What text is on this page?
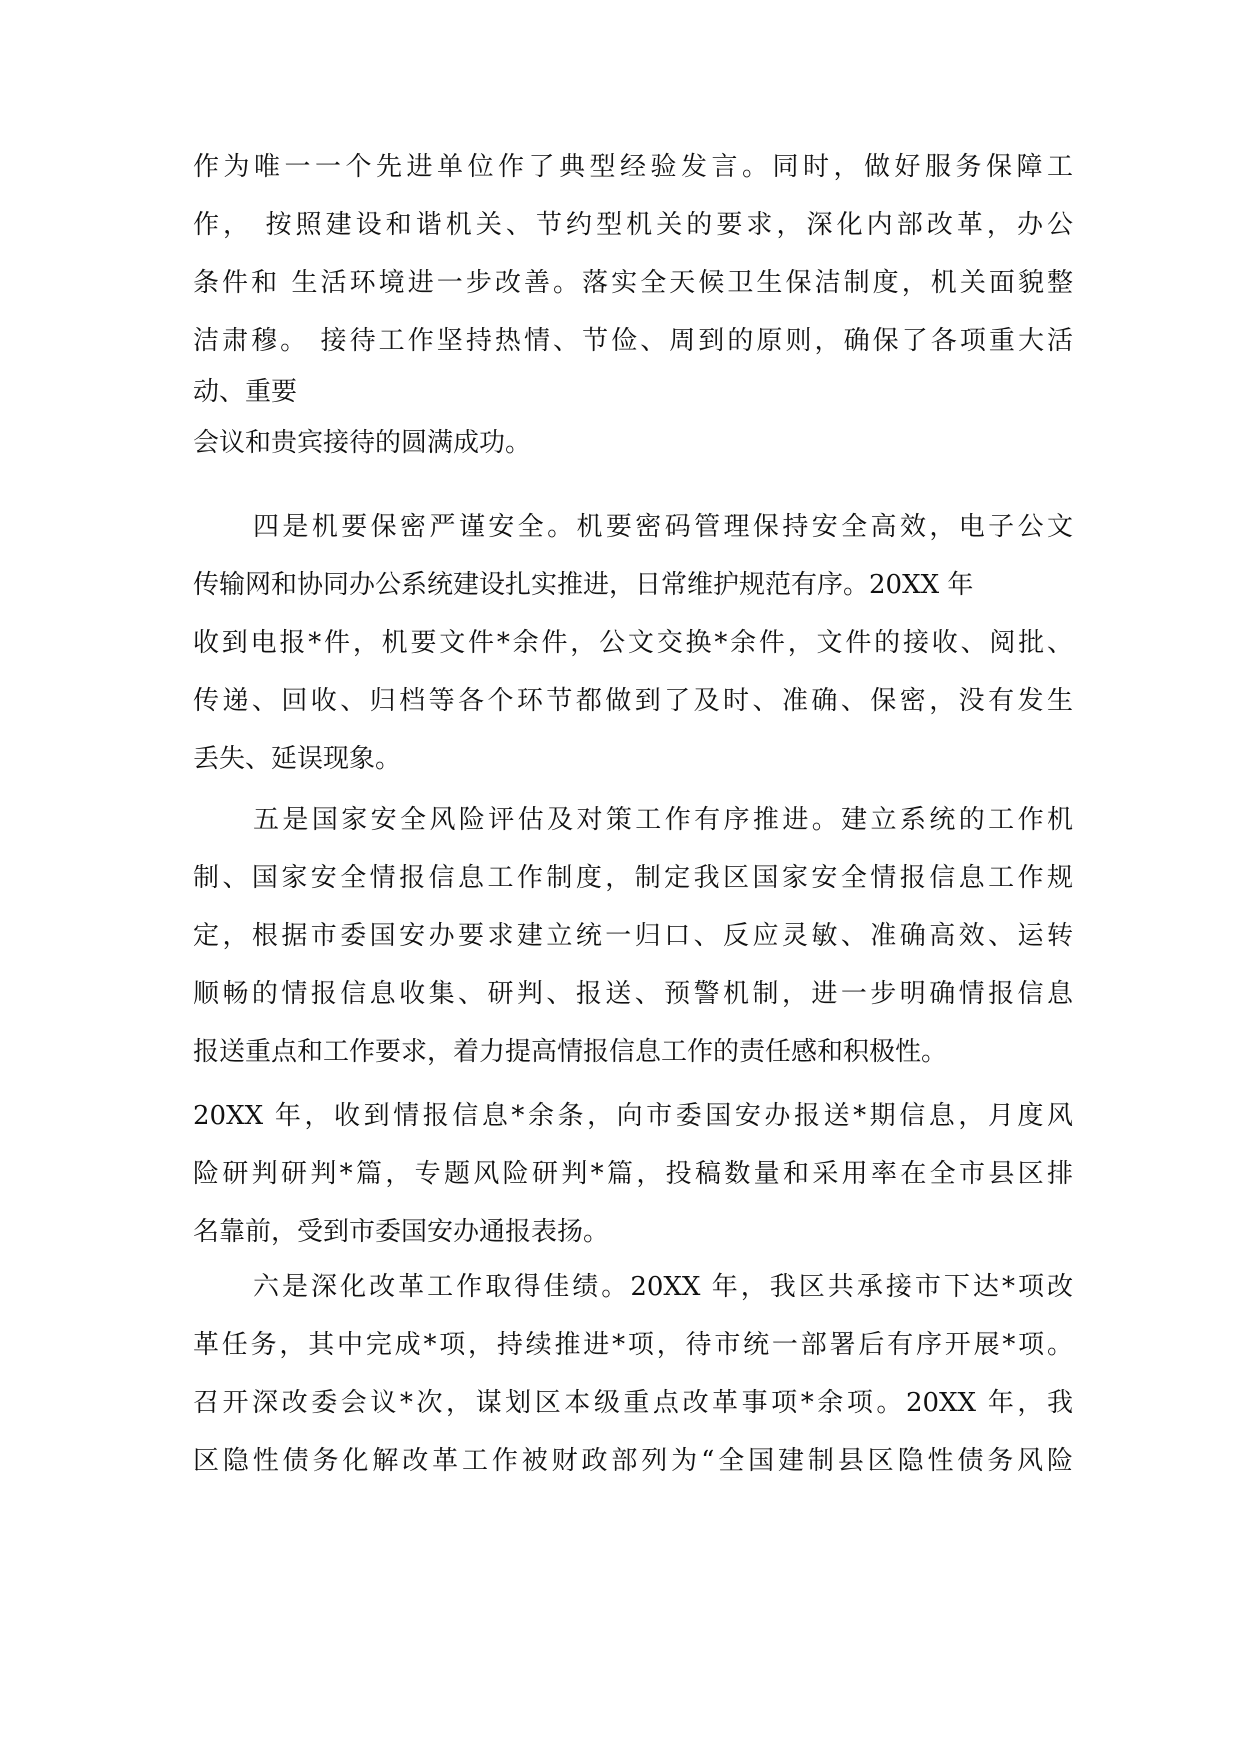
作为唯一一个先进单位作了典型经验发言。同时，做好服务保障工
作， 按照建设和谐机关、节约型机关的要求，深化内部改革，办公
条件和 生活环境进一步改善。落实全天候卫生保洁制度，机关面貌整
洁肃穆。 接待工作坚持热情、节俭、周到的原则，确保了各项重大活
动、重要
会议和贵宾接待的圆满成功。
四是机要保密严谨安全。机要密码管理保持安全高效，电子公文
传输网和协同办公系统建设扎实推进，日常维护规范有序。20XX 年
收到电报*件，机要文件*余件，公文交换*余件，文件的接收、阅批、
传递、回收、归档等各个环节都做到了及时、准确、保密，没有发生
丢失、延误现象。
五是国家安全风险评估及对策工作有序推进。建立系统的工作机
制、国家安全情报信息工作制度，制定我区国家安全情报信息工作规
定，根据市委国安办要求建立统一归口、反应灵敏、准确高效、运转
顺畅的情报信息收集、研判、报送、预警机制，进一步明确情报信息
报送重点和工作要求，着力提高情报信息工作的责任感和积极性。
20XX 年，收到情报信息*余条，向市委国安办报送*期信息，月度风
险研判研判*篇，专题风险研判*篇，投稿数量和采用率在全市县区排
名靠前，受到市委国安办通报表扬。
六是深化改革工作取得佳绩。20XX 年，我区共承接市下达*项改
革任务，其中完成*项，持续推进*项，待市统一部署后有序开展*项。
召开深改委会议*次，谋划区本级重点改革事项*余项。20XX 年，我
区隐性债务化解改革工作被财政部列为“全国建制县区隐性债务风险
